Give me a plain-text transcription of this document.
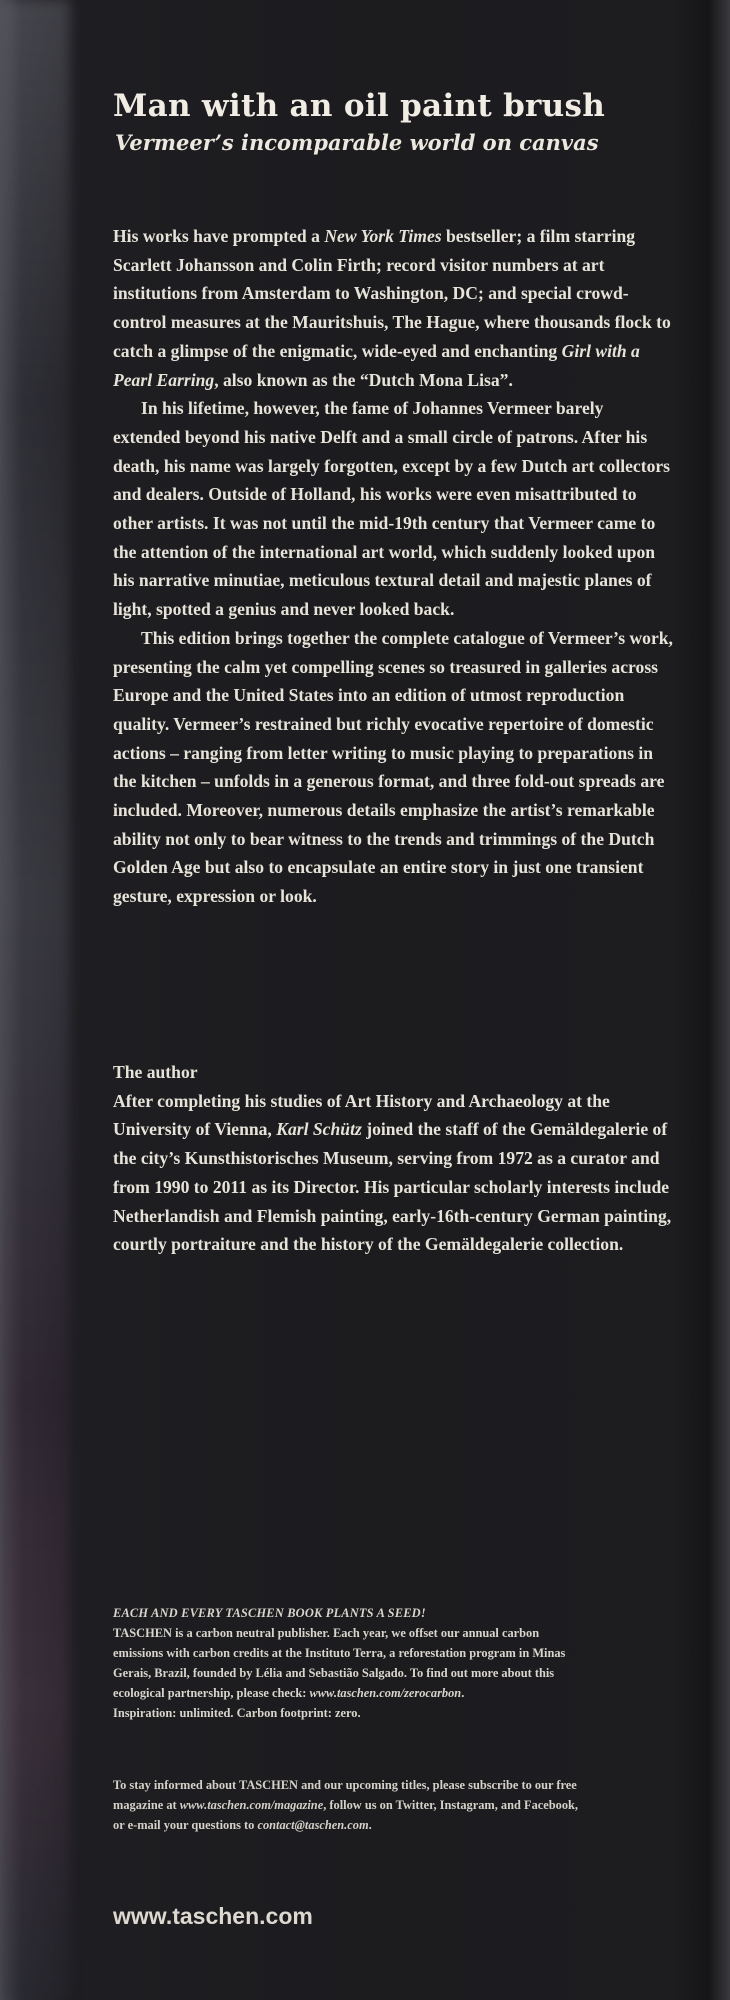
Man with an oil paint brush
Vermeer’s incomparable world on canvas

His works have prompted a New York Times bestseller; a film starring Scarlett Johansson and Colin Firth; record visitor numbers at art institutions from Amsterdam to Washington, DC; and special crowd-control measures at the Mauritshuis, The Hague, where thousands flock to catch a glimpse of the enigmatic, wide-eyed and enchanting Girl with a Pearl Earring, also known as the “Dutch Mona Lisa”.

In his lifetime, however, the fame of Johannes Vermeer barely extended beyond his native Delft and a small circle of patrons. After his death, his name was largely forgotten, except by a few Dutch art collectors and dealers. Outside of Holland, his works were even misattributed to other artists. It was not until the mid-19th century that Vermeer came to the attention of the international art world, which suddenly looked upon his narrative minutiae, meticulous textural detail and majestic planes of light, spotted a genius and never looked back.

This edition brings together the complete catalogue of Vermeer’s work, presenting the calm yet compelling scenes so treasured in galleries across Europe and the United States into an edition of utmost reproduction quality. Vermeer’s restrained but richly evocative repertoire of domestic actions – ranging from letter writing to music playing to preparations in the kitchen – unfolds in a generous format, and three fold-out spreads are included. Moreover, numerous details emphasize the artist’s remarkable ability not only to bear witness to the trends and trimmings of the Dutch Golden Age but also to encapsulate an entire story in just one transient gesture, expression or look.

The author

After completing his studies of Art History and Archaeology at the University of Vienna, Karl Schütz joined the staff of the Gemäldegalerie of the city’s Kunsthistorisches Museum, serving from 1972 as a curator and from 1990 to 2011 as its Director. His particular scholarly interests include Netherlandish and Flemish painting, early-16th-century German painting, courtly portraiture and the history of the Gemäldegalerie collection.

EACH AND EVERY TASCHEN BOOK PLANTS A SEED!

TASCHEN is a carbon neutral publisher. Each year, we offset our annual carbon emissions with carbon credits at the Instituto Terra, a reforestation program in Minas Gerais, Brazil, founded by Lélia and Sebastião Salgado. To find out more about this ecological partnership, please check: www.taschen.com/zerocarbon.

Inspiration: unlimited. Carbon footprint: zero.

To stay informed about TASCHEN and our upcoming titles, please subscribe to our free magazine at www.taschen.com/magazine, follow us on Twitter, Instagram, and Facebook, or e-mail your questions to contact@taschen.com.

www.taschen.com
